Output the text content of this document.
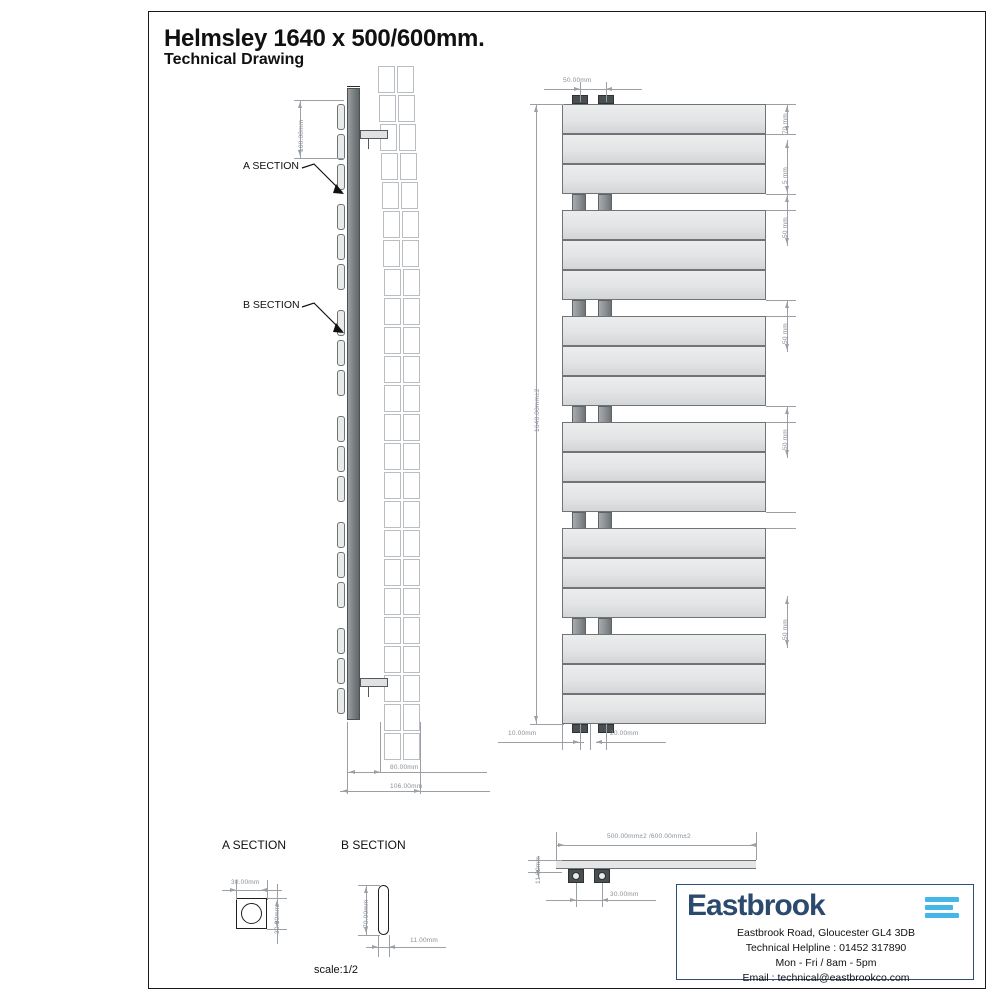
Helmsley 1640 x 500/600mm.
Technical Drawing
100.00mm
A SECTION
B SECTION
80.00mm
106.00mm
50.00mm
1640.00mm±2
70 mm
5 mm
50 mm
50 mm
50 mm
50 mm
10.00mm	20.00mm
500.00mm±2 /600.00mm±2
11.00mm
30.00mm
A SECTION
30.00mm
30.00mm
B SECTION
70.00mm
11.00mm
scale:1/2
Eastbrook
Eastbrook Road, Gloucester GL4 3DB
Technical Helpline : 01452 317890
Mon - Fri / 8am - 5pm
Email : technical@eastbrookco.com
